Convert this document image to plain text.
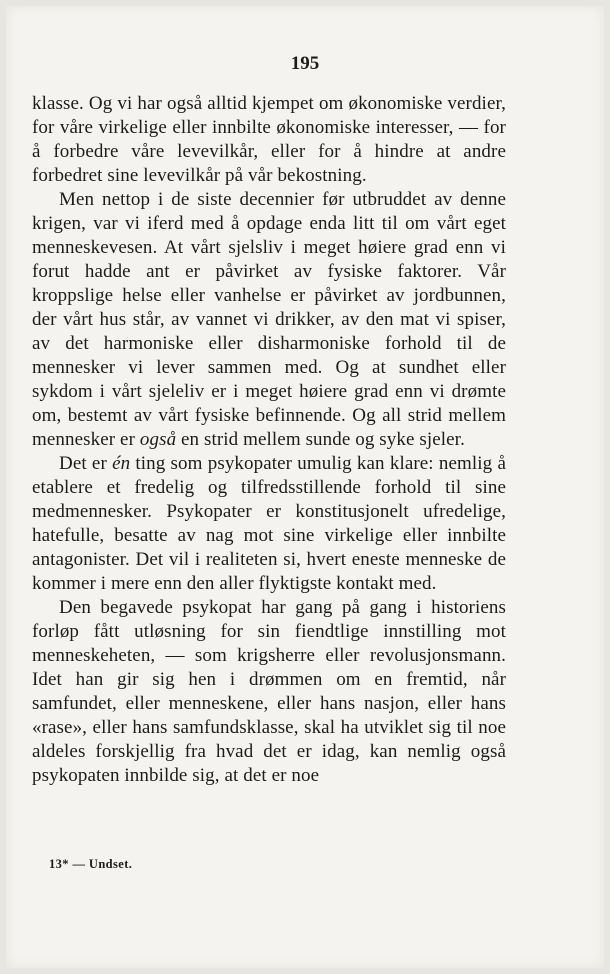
195

klasse. Og vi har også alltid kjempet om økonomiske verdier, for våre virkelige eller innbilte økonomiske interesser, — for å forbedre våre levevilkår, eller for å hindre at andre forbedret sine levevilkår på vår bekostning.

Men nettop i de siste decennier før utbruddet av denne krigen, var vi iferd med å opdage enda litt til om vårt eget menneskevesen. At vårt sjelsliv i meget høiere grad enn vi forut hadde ant er påvirket av fysiske faktorer. Vår kroppslige helse eller vanhelse er påvirket av jordbunnen, der vårt hus står, av vannet vi drikker, av den mat vi spiser, av det harmoniske eller disharmoniske forhold til de mennesker vi lever sammen med. Og at sundhet eller sykdom i vårt sjeleliv er i meget høiere grad enn vi drømte om, bestemt av vårt fysiske befinnende. Og all strid mellem mennesker er også en strid mellem sunde og syke sjeler.

Det er én ting som psykopater umulig kan klare: nemlig å etablere et fredelig og tilfredsstillende forhold til sine medmennesker. Psykopater er konstitusjonelt ufredelige, hatefulle, besatte av nag mot sine virkelige eller innbilte antagonister. Det vil i realiteten si, hvert eneste menneske de kommer i mere enn den aller flyktigste kontakt med.

Den begavede psykopat har gang på gang i historiens forløp fått utløsning for sin fiendtlige innstilling mot menneskeheten, — som krigsherre eller revolusjonsmann. Idet han gir sig hen i drømmen om en fremtid, når samfundet, eller menneskene, eller hans nasjon, eller hans «rase», eller hans samfundsklasse, skal ha utviklet sig til noe aldeles forskjellig fra hvad det er idag, kan nemlig også psykopaten innbilde sig, at det er noe

13* — Undset.
